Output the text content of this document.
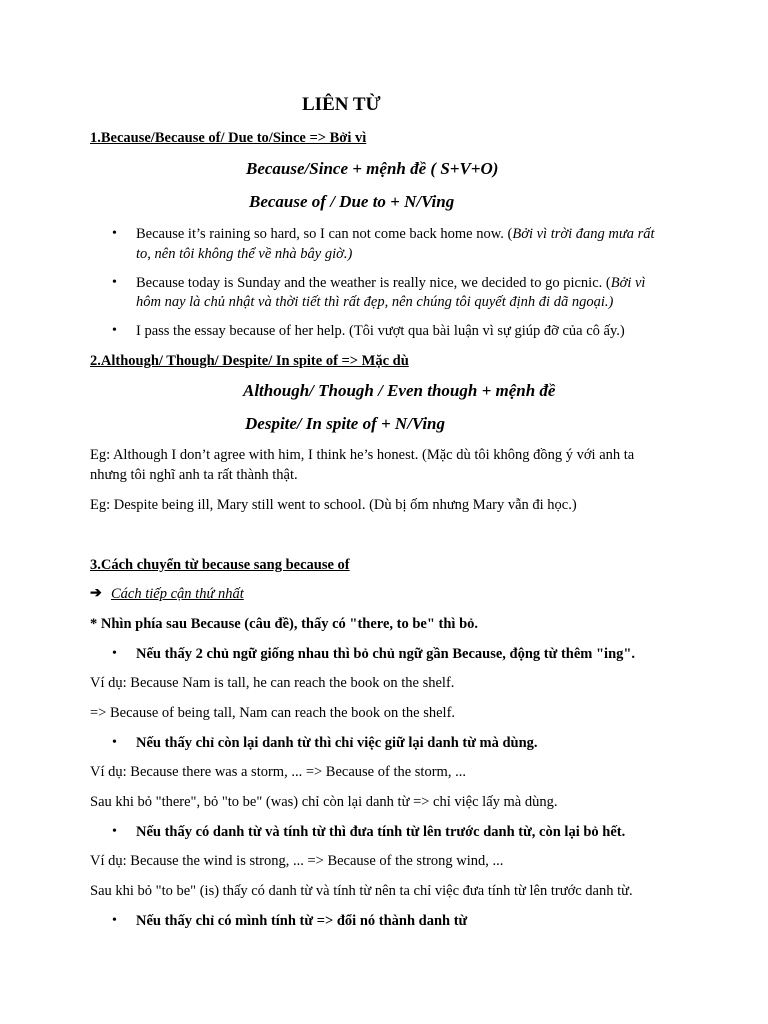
LIÊN TỪ
1.Because/Because of/ Due to/Since => Bởi vì
Because/Since + mệnh đề ( S+V+O)
Because of / Due to + N/Ving
• Because it’s raining so hard, so I can not come back home now. (Bởi vì trời đang mưa rất
to, nên tôi không thể về nhà bây giờ.)
• Because today is Sunday and the weather is really nice, we decided to go picnic. (Bởi vì
hôm nay là chủ nhật và thời tiết thì rất đẹp, nên chúng tôi quyết định đi dã ngoại.)
• I pass the essay because of her help. (Tôi vượt qua bài luận vì sự giúp đỡ của cô ấy.)
2.Although/ Though/ Despite/ In spite of => Mặc dù
Although/ Though / Even though + mệnh đề
Despite/ In spite of + N/Ving
Eg: Although I don’t agree with him, I think he’s honest. (Mặc dù tôi không đồng ý với anh ta
nhưng tôi nghĩ anh ta rất thành thật.
Eg: Despite being ill, Mary still went to school. (Dù bị ốm nhưng Mary vẫn đi học.)
3.Cách chuyển từ because sang because of
➔ Cách tiếp cận thứ nhất
* Nhìn phía sau Because (câu đề), thấy có "there, to be" thì bỏ.
• Nếu thấy 2 chủ ngữ giống nhau thì bỏ chủ ngữ gần Because, động từ thêm "ing".
Ví dụ: Because Nam is tall, he can reach the book on the shelf.
=> Because of being tall, Nam can reach the book on the shelf.
• Nếu thấy chỉ còn lại danh từ thì chỉ việc giữ lại danh từ mà dùng.
Ví dụ: Because there was a storm, ... => Because of the storm, ...
Sau khi bỏ "there", bỏ "to be" (was) chỉ còn lại danh từ => chỉ việc lấy mà dùng.
• Nếu thấy có danh từ và tính từ thì đưa tính từ lên trước danh từ, còn lại bỏ hết.
Ví dụ: Because the wind is strong, ... => Because of the strong wind, ...
Sau khi bỏ "to be" (is) thấy có danh từ và tính từ nên ta chỉ việc đưa tính từ lên trước danh từ.
• Nếu thấy chỉ có mình tính từ => đổi nó thành danh từ
